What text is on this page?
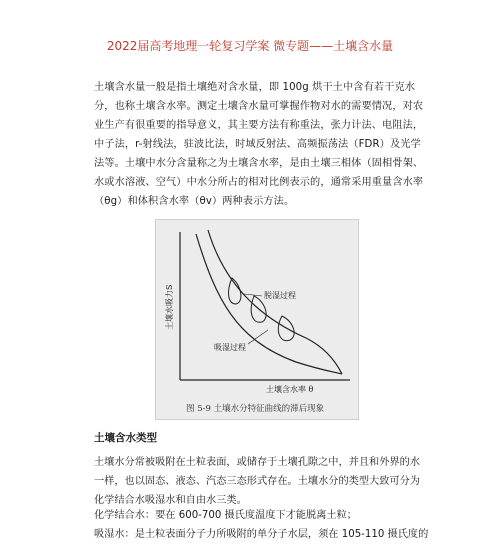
2022届高考地理一轮复习学案 微专题——土壤含水量

土壤含水量一般是指土壤绝对含水量，即 100g 烘干土中含有若干克水分，也称土壤含水率。测定土壤含水量可掌握作物对水的需要情况，对农业生产有很重要的指导意义，其主要方法有称重法，张力计法、电阻法，中子法，r-射线法，驻波比法，时域反射法、高频振荡法（FDR）及光学法等。土壤中水分含量称之为土壤含水率，是由土壤三相体（固相骨架、水或水溶液、空气）中水分所占的相对比例表示的，通常采用重量含水率（θg）和体积含水率（θv）两种表示方法。

土壤水吸力S	脱湿过程
吸湿过程
土壤含水率 θ
图 5-9 土壤水分特征曲线的滞后现象
土壤含水类型

土壤水分常被吸附在土粒表面，或储存于土壤孔隙之中，并且和外界的水一样，也以固态、液态、汽态三态形式存在。土壤水分的类型大致可分为化学结合水吸湿水和自由水三类。

化学结合水：要在 600-700 摄氏度温度下才能脱离土粒；

吸湿水：是土粒表面分子力所吸附的单分子水层，须在 105-110 摄氏度的
